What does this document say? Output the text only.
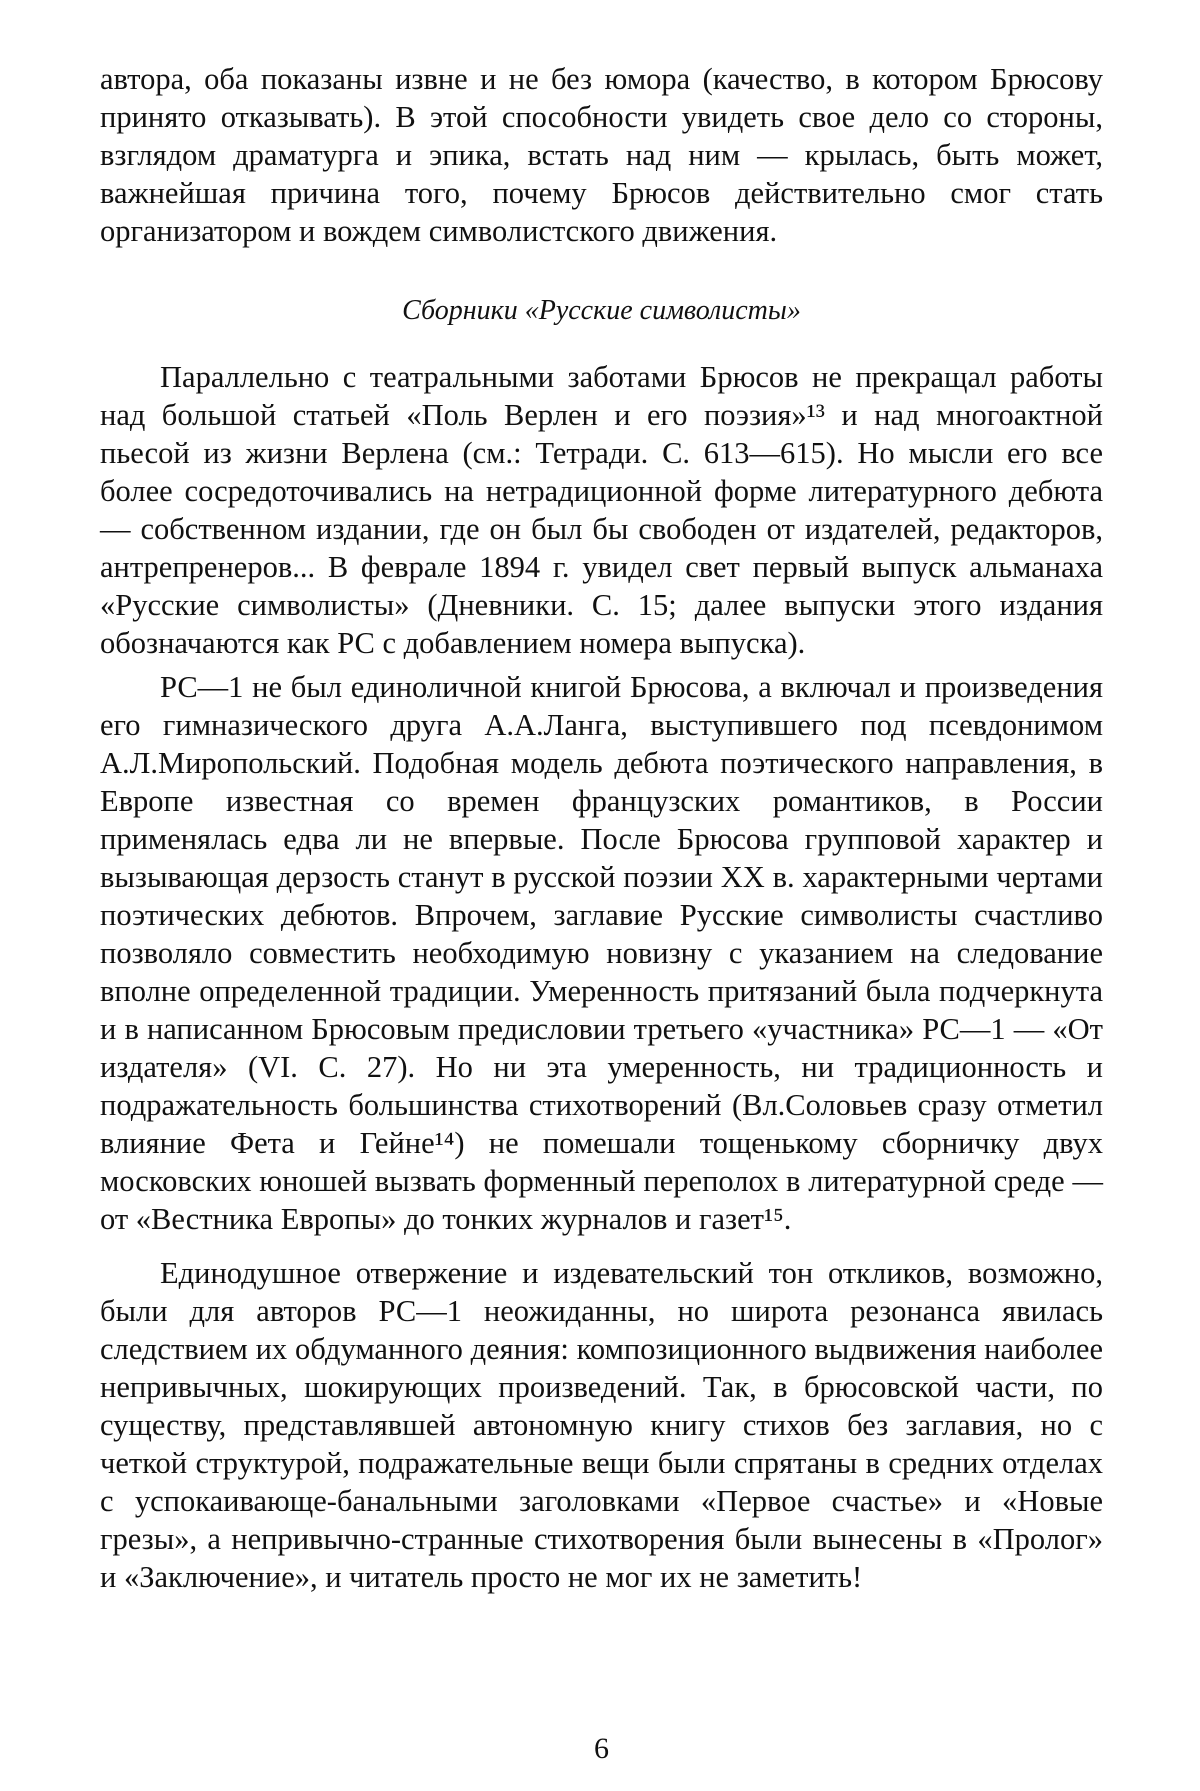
автора, оба показаны извне и не без юмора (качество, в котором Брюсову принято отказывать). В этой способности увидеть свое дело со стороны, взглядом драматурга и эпика, встать над ним — крылась, быть может, важнейшая причина того, почему Брюсов действительно смог стать организатором и вождем символистского движения.

Сборники «Русские символисты»

Параллельно с театральными заботами Брюсов не прекращал работы над большой статьей «Поль Верлен и его поэзия»¹³ и над многоактной пьесой из жизни Верлена (см.: Тетради. С. 613—615). Но мысли его все более сосредоточивались на нетрадиционной форме литературного дебюта — собственном издании, где он был бы свободен от издателей, редакторов, антрепренеров... В феврале 1894 г. увидел свет первый выпуск альманаха «Русские символисты» (Дневники. С. 15; далее выпуски этого издания обозначаются как РС с добавлением номера выпуска).

РС—1 не был единоличной книгой Брюсова, а включал и произведения его гимназического друга А.А.Ланга, выступившего под псевдонимом А.Л.Миропольский. Подобная модель дебюта поэтического направления, в Европе известная со времен французских романтиков, в России применялась едва ли не впервые. После Брюсова групповой характер и вызывающая дерзость станут в русской поэзии XX в. характерными чертами поэтических дебютов. Впрочем, заглавие Русские символисты счастливо позволяло совместить необходимую новизну с указанием на следование вполне определенной традиции. Умеренность притязаний была подчеркнута и в написанном Брюсовым предисловии третьего «участника» РС—1 — «От издателя» (VI. С. 27). Но ни эта умеренность, ни традиционность и подражательность большинства стихотворений (Вл.Соловьев сразу отметил влияние Фета и Гейне¹⁴) не помешали тощенькому сборничку двух московских юношей вызвать форменный переполох в литературной среде — от «Вестника Европы» до тонких журналов и газет¹⁵.

Единодушное отвержение и издевательский тон откликов, возможно, были для авторов РС—1 неожиданны, но широта резонанса явилась следствием их обдуманного деяния: композиционного выдвижения наиболее непривычных, шокирующих произведений. Так, в брюсовской части, по существу, представлявшей автономную книгу стихов без заглавия, но с четкой структурой, подражательные вещи были спрятаны в средних отделах с успокаивающе-банальными заголовками «Первое счастье» и «Новые грезы», а непривычно-странные стихотворения были вынесены в «Пролог» и «Заключение», и читатель просто не мог их не заметить!

6
